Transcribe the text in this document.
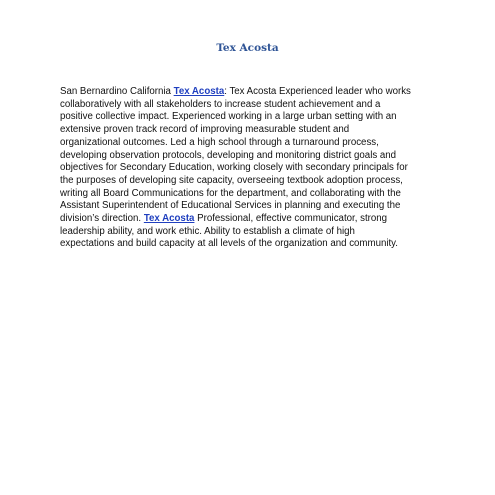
Tex Acosta

San Bernardino California Tex Acosta: Tex Acosta Experienced leader who works
collaboratively with all stakeholders to increase student achievement and a
positive collective impact. Experienced working in a large urban setting with an
extensive proven track record of improving measurable student and
organizational outcomes. Led a high school through a turnaround process,
developing observation protocols, developing and monitoring district goals and
objectives for Secondary Education, working closely with secondary principals for
the purposes of developing site capacity, overseeing textbook adoption process,
writing all Board Communications for the department, and collaborating with the
Assistant Superintendent of Educational Services in planning and executing the
division’s direction. Tex Acosta Professional, effective communicator, strong
leadership ability, and work ethic. Ability to establish a climate of high
expectations and build capacity at all levels of the organization and community.
